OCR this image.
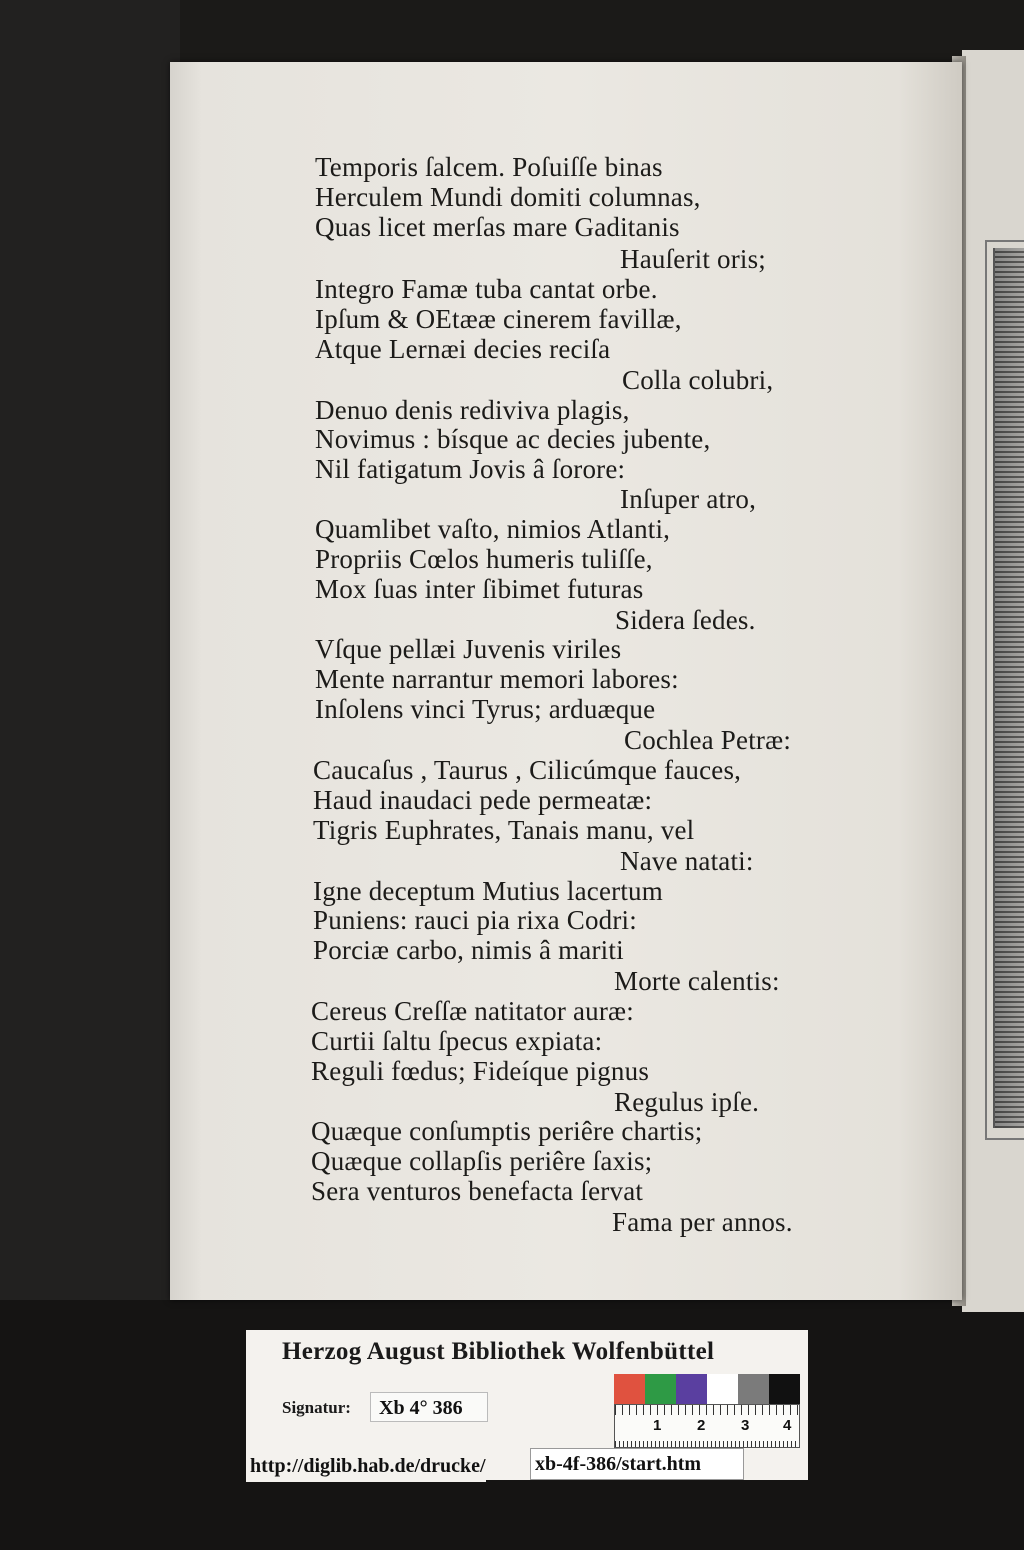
Temporis ſalcem. Poſuiſſe binas
Herculem Mundi domiti columnas,
Quas licet merſas mare Gaditanis
Hauſerit oris;
Integro Famæ tuba cantat orbe.
Ipſum & OEtææ cinerem favillæ,
Atque Lernæi decies reciſa
Colla colubri,
Denuo denis rediviva plagis,
Novimus : bísque ac decies jubente,
Nil fatigatum Jovis â ſorore:
Inſuper atro,
Quamlibet vaſto, nimios Atlanti,
Propriis Cœlos humeris tuliſſe,
Mox ſuas inter ſibimet futuras
Sidera ſedes.
Vſque pellæi Juvenis viriles
Mente narrantur memori labores:
Inſolens vinci Tyrus; arduæque
Cochlea Petræ:
Caucaſus , Taurus , Cilicúmque fauces,
Haud inaudaci pede permeatæ:
Tigris Euphrates, Tanais manu, vel
Nave natati:
Igne deceptum Mutius lacertum
Puniens: rauci pia rixa Codri:
Porciæ carbo, nimis â mariti
Morte calentis:
Cereus Creſſæ natitator auræ:
Curtii ſaltu ſpecus expiata:
Reguli fœdus; Fideíque pignus
Regulus ipſe.
Quæque conſumptis periêre chartis;
Quæque collapſis periêre ſaxis;
Sera venturos benefacta ſervat
Fama per annos.
Herzog August Bibliothek Wolfenbüttel
Signatur:	Xb 4° 386
1 2 3 4
http://diglib.hab.de/drucke/ xb-4f-386/start.htm
